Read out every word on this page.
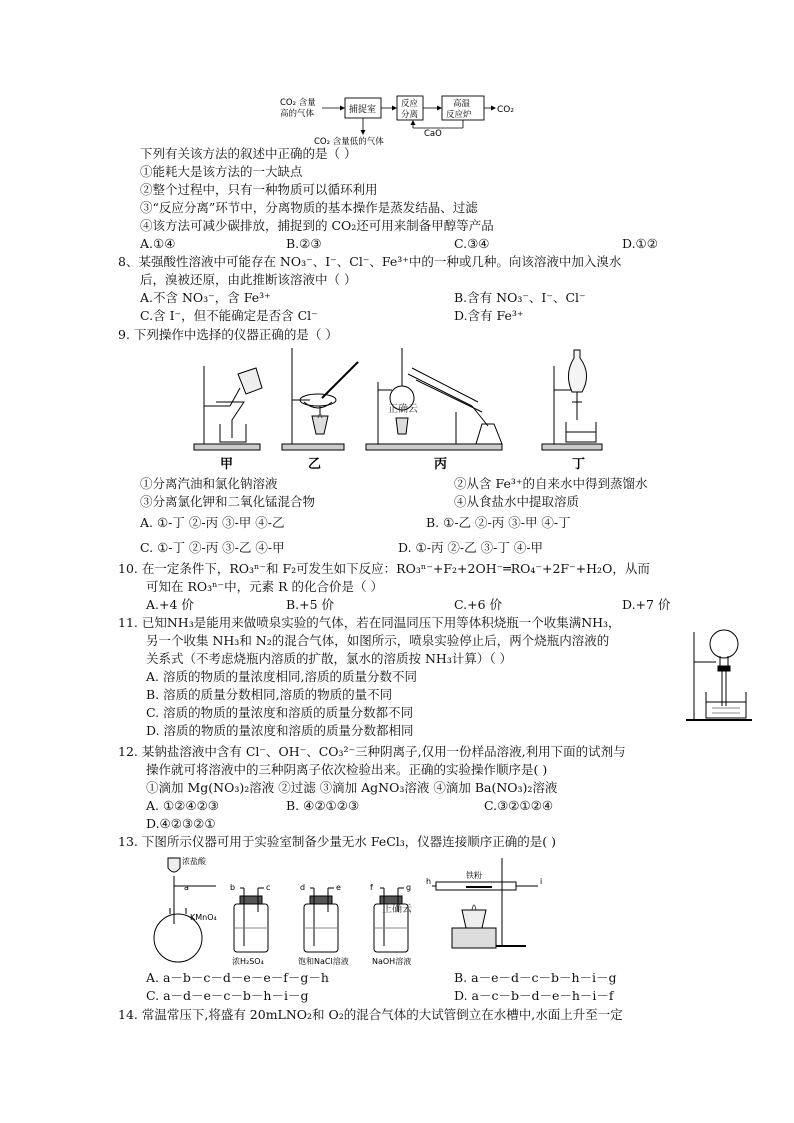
CO₂ 含量
高的气体	捕捉室
反应
分离
高温
反应炉	CO₂
CaO
CO₂ 含量低的气体
下列有关该方法的叙述中正确的是（ ）
①能耗大是该方法的一大缺点
②整个过程中，只有一种物质可以循环利用
③“反应分离”环节中，分离物质的基本操作是蒸发结晶、过滤
④该方法可减少碳排放，捕捉到的 CO₂还可用来制备甲醇等产品
A.①④	B.②③	C.③④	D.①②
8、某强酸性溶液中可能存在 NO₃⁻、I⁻、Cl⁻、Fe³⁺中的一种或几种。向该溶液中加入溴水
后，溴被还原，由此推断该溶液中（ ）
A.不含 NO₃⁻，含 Fe³⁺	B.含有 NO₃⁻、I⁻、Cl⁻
C.含 I⁻，但不能确定是否含 Cl⁻	D.含有 Fe³⁺
9. 下列操作中选择的仪器正确的是（ ）
正确云
甲	乙	丙	丁
①分离汽油和氯化钠溶液	②从含 Fe³⁺的自来水中得到蒸馏水
③分离氯化钾和二氧化锰混合物	④从食盐水中提取溶质
A. ①-丁 ②-丙 ③-甲 ④-乙	B. ①-乙 ②-丙 ③-甲 ④-丁
C. ①-丁 ②-丙 ③-乙 ④-甲	D. ①-丙 ②-乙 ③-丁 ④-甲
10. 在一定条件下，RO₃ⁿ⁻和 F₂可发生如下反应：RO₃ⁿ⁻+F₂+2OH⁻═RO₄⁻+2F⁻+H₂O，从而
可知在 RO₃ⁿ⁻中，元素 R 的化合价是（ ）
A.+4 价	B.+5 价	C.+6 价	D.+7 价
11. 已知NH₃是能用来做喷泉实验的气体，若在同温同压下用等体积烧瓶一个收集满NH₃，
另一个收集 NH₃和 N₂的混合气体，如图所示，喷泉实验停止后，两个烧瓶内溶液的
关系式（不考虑烧瓶内溶质的扩散，氯水的溶质按 NH₃计算）（ ）
A. 溶质的物质的量浓度相同,溶质的质量分数不同
B. 溶质的质量分数相同,溶质的物质的量不同
C. 溶质的物质的量浓度和溶质的质量分数都不同
D. 溶质的物质的量浓度和溶质的质量分数都相同
12. 某钠盐溶液中含有 Cl⁻、OH⁻、CO₃²⁻三种阴离子,仅用一份样品溶液,利用下面的试剂与
操作就可将溶液中的三种阴离子依次检验出来。正确的实验操作顺序是( )
①滴加 Mg(NO₃)₂溶液 ②过滤 ③滴加 AgNO₃溶液 ④滴加 Ba(NO₃)₂溶液
A. ①②④②③	B. ④②①②③	C.③②①②④
D.④②③②①
13. 下图所示仪器可用于实验室制备少量无水 FeCl₃，仪器连接顺序正确的是( )
浓盐酸
KMnO₄
浓H₂SO₄	饱和NaCl溶液	NaOH溶液
铁粉
正确云
a	b	c	d	e	f	g
h	i
A. a－b－c－d－e－e－f－g－h	B. a－e－d－c－b－h－i－g
C. a－d－e－c－b－h－i－g	D. a－c－b－d－e－h－i－f
14. 常温常压下,将盛有 20mLNO₂和 O₂的混合气体的大试管倒立在水槽中,水面上升至一定
